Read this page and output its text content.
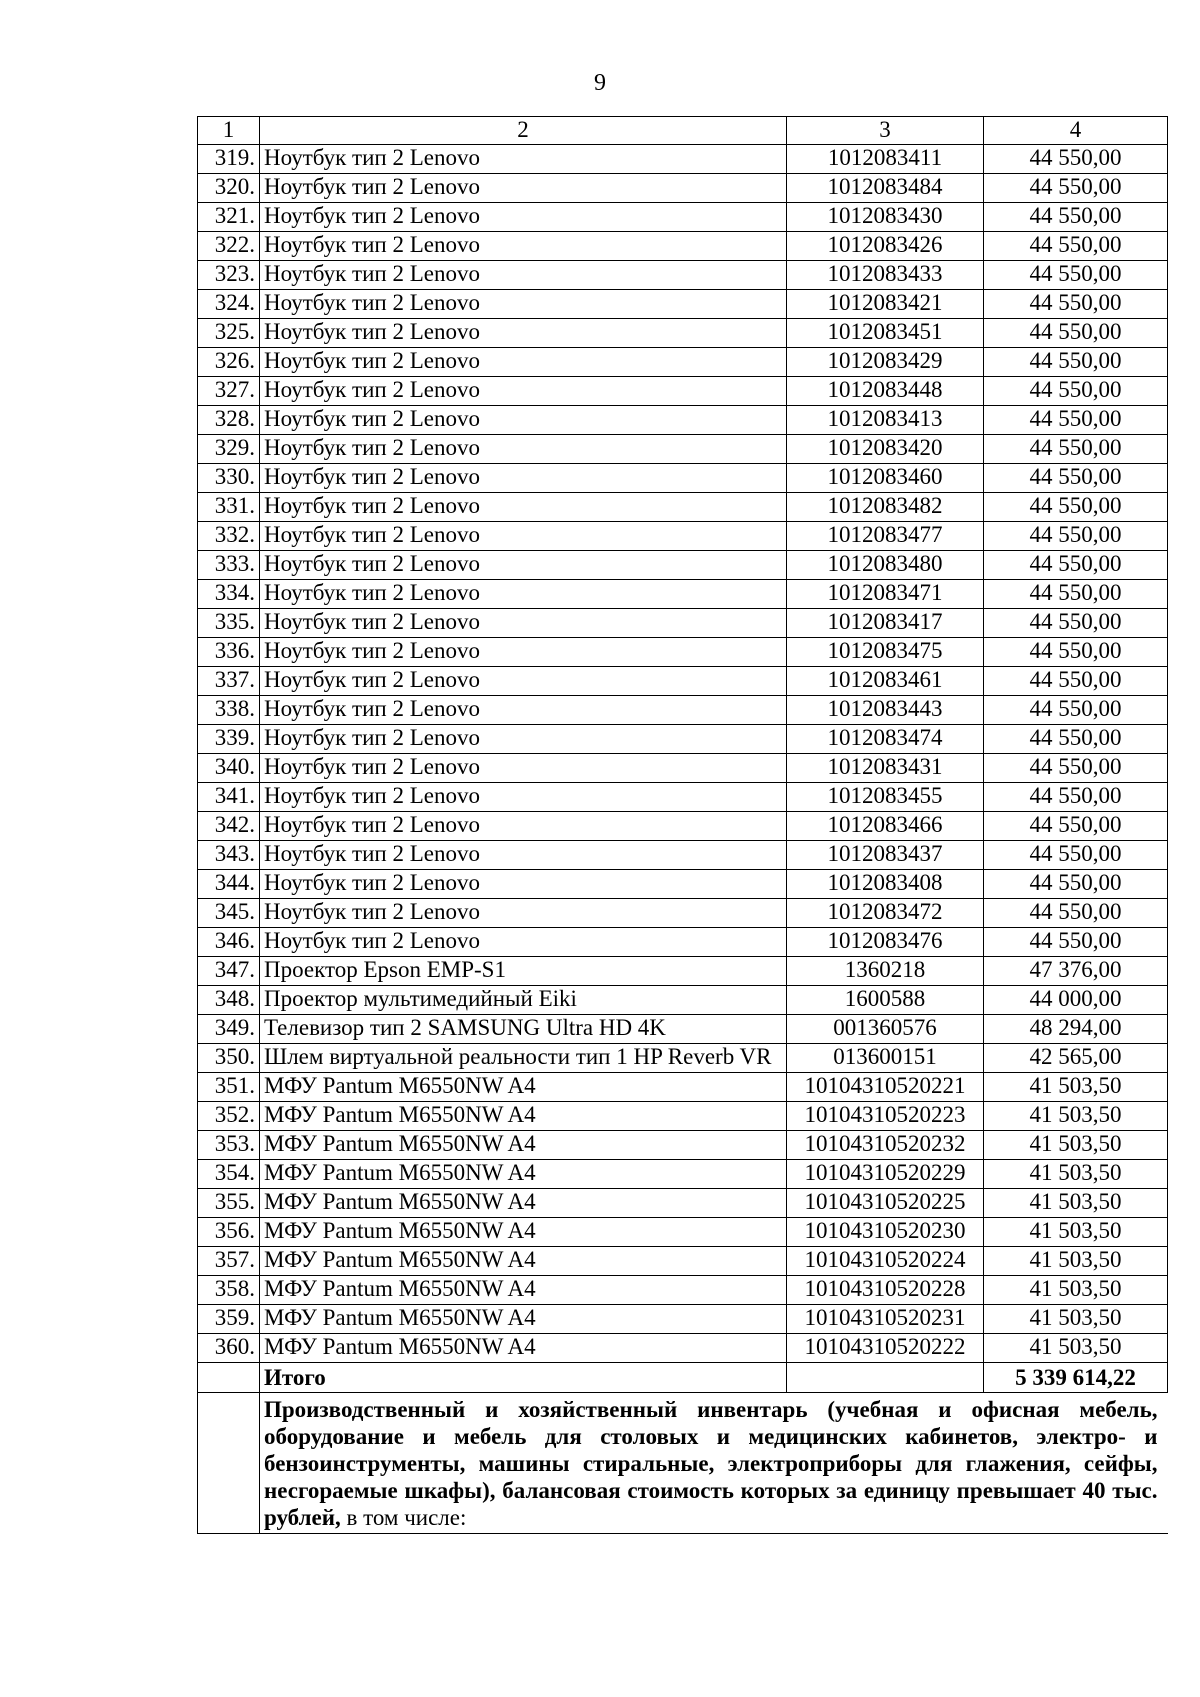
9
1	2	3	4
319.	Ноутбук тип 2 Lenovo	1012083411	44 550,00
320.	Ноутбук тип 2 Lenovo	1012083484	44 550,00
321.	Ноутбук тип 2 Lenovo	1012083430	44 550,00
322.	Ноутбук тип 2 Lenovo	1012083426	44 550,00
323.	Ноутбук тип 2 Lenovo	1012083433	44 550,00
324.	Ноутбук тип 2 Lenovo	1012083421	44 550,00
325.	Ноутбук тип 2 Lenovo	1012083451	44 550,00
326.	Ноутбук тип 2 Lenovo	1012083429	44 550,00
327.	Ноутбук тип 2 Lenovo	1012083448	44 550,00
328.	Ноутбук тип 2 Lenovo	1012083413	44 550,00
329.	Ноутбук тип 2 Lenovo	1012083420	44 550,00
330.	Ноутбук тип 2 Lenovo	1012083460	44 550,00
331.	Ноутбук тип 2 Lenovo	1012083482	44 550,00
332.	Ноутбук тип 2 Lenovo	1012083477	44 550,00
333.	Ноутбук тип 2 Lenovo	1012083480	44 550,00
334.	Ноутбук тип 2 Lenovo	1012083471	44 550,00
335.	Ноутбук тип 2 Lenovo	1012083417	44 550,00
336.	Ноутбук тип 2 Lenovo	1012083475	44 550,00
337.	Ноутбук тип 2 Lenovo	1012083461	44 550,00
338.	Ноутбук тип 2 Lenovo	1012083443	44 550,00
339.	Ноутбук тип 2 Lenovo	1012083474	44 550,00
340.	Ноутбук тип 2 Lenovo	1012083431	44 550,00
341.	Ноутбук тип 2 Lenovo	1012083455	44 550,00
342.	Ноутбук тип 2 Lenovo	1012083466	44 550,00
343.	Ноутбук тип 2 Lenovo	1012083437	44 550,00
344.	Ноутбук тип 2 Lenovo	1012083408	44 550,00
345.	Ноутбук тип 2 Lenovo	1012083472	44 550,00
346.	Ноутбук тип 2 Lenovo	1012083476	44 550,00
347.	Проектор Epson EMP-S1	1360218	47 376,00
348.	Проектор мультимедийный Eiki	1600588	44 000,00
349.	Телевизор тип 2 SAMSUNG Ultra HD 4K	001360576	48 294,00
350.	Шлем виртуальной реальности тип 1 HP Reverb VR	013600151	42 565,00
351.	МФУ Pantum M6550NW A4	10104310520221	41 503,50
352.	МФУ Pantum M6550NW A4	10104310520223	41 503,50
353.	МФУ Pantum M6550NW A4	10104310520232	41 503,50
354.	МФУ Pantum M6550NW A4	10104310520229	41 503,50
355.	МФУ Pantum M6550NW A4	10104310520225	41 503,50
356.	МФУ Pantum M6550NW A4	10104310520230	41 503,50
357.	МФУ Pantum M6550NW A4	10104310520224	41 503,50
358.	МФУ Pantum M6550NW A4	10104310520228	41 503,50
359.	МФУ Pantum M6550NW A4	10104310520231	41 503,50
360.	МФУ Pantum M6550NW A4	10104310520222	41 503,50
	Итого		5 339 614,22

	Производственный и хозяйственный инвентарь (учебная и офисная мебель, оборудование и мебель для столовых и медицинских кабинетов, электро- и бензоинструменты, машины стиральные, электроприборы для глажения, сейфы, несгораемые шкафы), балансовая стоимость которых за единицу превышает 40 тыс. рублей, в том числе:		
